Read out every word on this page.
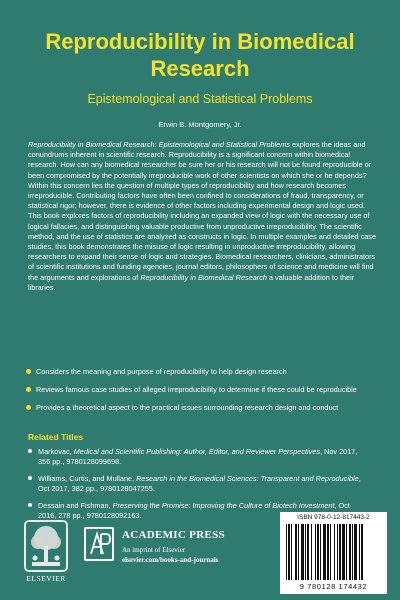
Reproducibility in Biomedical Research
Epistemological and Statistical Problems
Erwin B. Montgomery, Jr.

Reproducibility in Biomedical Research: Epistemological and Statistical Problems explores the ideas and conundrums inherent in scientific research. Reproducibility is a significant concern within biomedical research. How can any biomedical researcher be sure her or his research will not be found reproducible or been compromised by the potentially irreproducible work of other scientists on which she or he depends? Within this concern lies the question of multiple types of reproducibility and how research becomes irreproducible. Contributing factors have often been confined to considerations of fraud, transparency, or statistical rigor; however, there is evidence of other factors including experimental design and logic used. This book explores factors of reproducibility including an expanded view of logic with the necessary use of logical fallacies, and distinguishing valuable productive from unproductive irreproducibility. The scientific method, and the use of statistics are analyzed as constructs in logic. In multiple examples and detailed case studies, this book demonstrates the misuse of logic resulting in unproductive irreproducibility, allowing researchers to expand their sense of logic and strategies. Biomedical researchers, clinicians, administrators of scientific institutions and funding agencies, journal editors, philosophers of science and medicine will find the arguments and explorations of Reproducibility in Biomedical Research a valuable addition to their libraries.

Considers the meaning and purpose of reproducibility to help design research
Reviews famous case studies of alleged irreproducibility to determine if these could be reproducible
Provides a theoretical aspect to the practical issues surrounding research design and conduct
Related Titles
Markovac, Medical and Scientific Publishing: Author, Editor, and Reviewer Perspectives, Nov 2017, 356 pp., 9780128099698.
Williams, Curtis, and Mullane, Research in the Biomedical Sciences: Transparent and Reproducible, Oct 2017, 382 pp., 9780128047255.
Dessain and Fishman, Preserving the Promise: Improving the Culture of Biotech Investment, Oct 2016, 278 pp., 9780128092163.
ELSEVIER
ACADEMIC PRESS
An imprint of Elsevier
elsevier.com/books-and-journals
ISBN 978-0-12-817443-2
9 780128 174432
